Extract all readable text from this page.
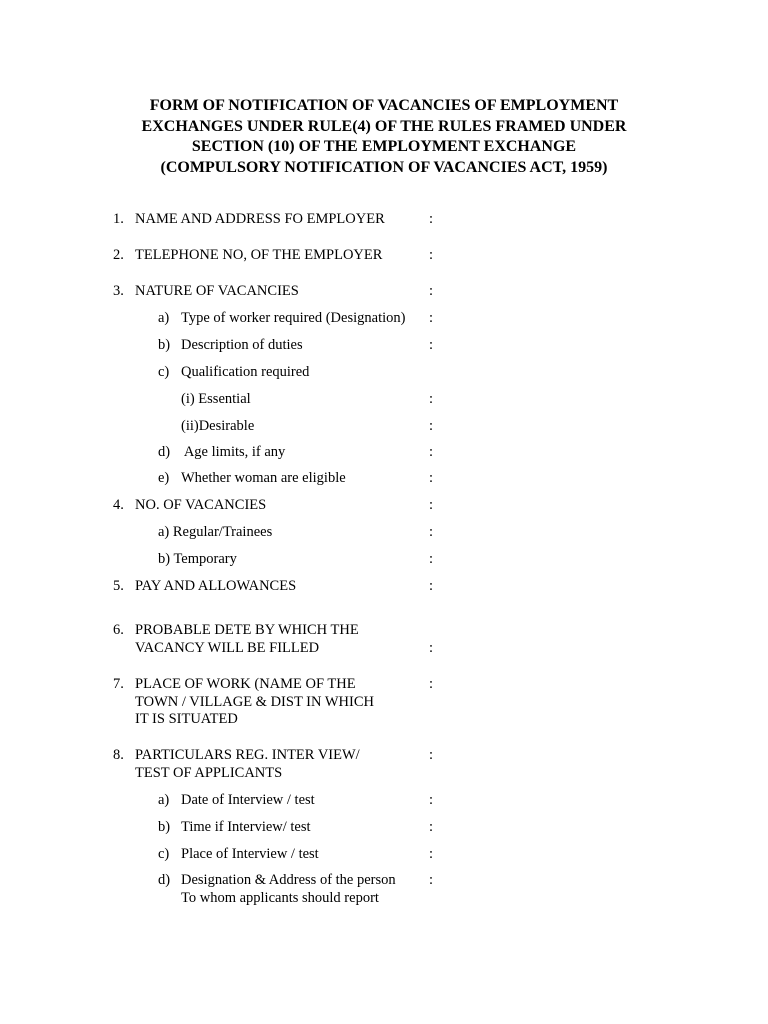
FORM OF NOTIFICATION OF VACANCIES OF EMPLOYMENT
EXCHANGES UNDER RULE(4) OF THE RULES FRAMED UNDER
SECTION (10) OF THE EMPLOYMENT EXCHANGE
(COMPULSORY NOTIFICATION OF VACANCIES ACT, 1959)
1. NAME AND ADDRESS FO EMPLOYER	:
2. TELEPHONE NO, OF THE EMPLOYER	:
3. NATURE OF VACANCIES	:
a) Type of worker required (Designation) :
b) Description of duties	:
c) Qualification required
(i) Essential	:
(ii)Desirable	:
d) Age limits, if any	:
e) Whether woman are eligible	:
4. NO. OF VACANCIES	:
a) Regular/Trainees	:
b) Temporary	:
5. PAY AND ALLOWANCES	:
6. PROBABLE DETE BY WHICH THE
VACANCY WILL BE FILLED	:
7. PLACE OF WORK (NAME OF THE	:
TOWN / VILLAGE & DIST IN WHICH
IT IS SITUATED
8. PARTICULARS REG. INTER VIEW/	:
TEST OF APPLICANTS
a) Date of Interview / test	:
b) Time if Interview/ test	:
c) Place of Interview / test	:
d) Designation & Address of the person :
To whom applicants should report
